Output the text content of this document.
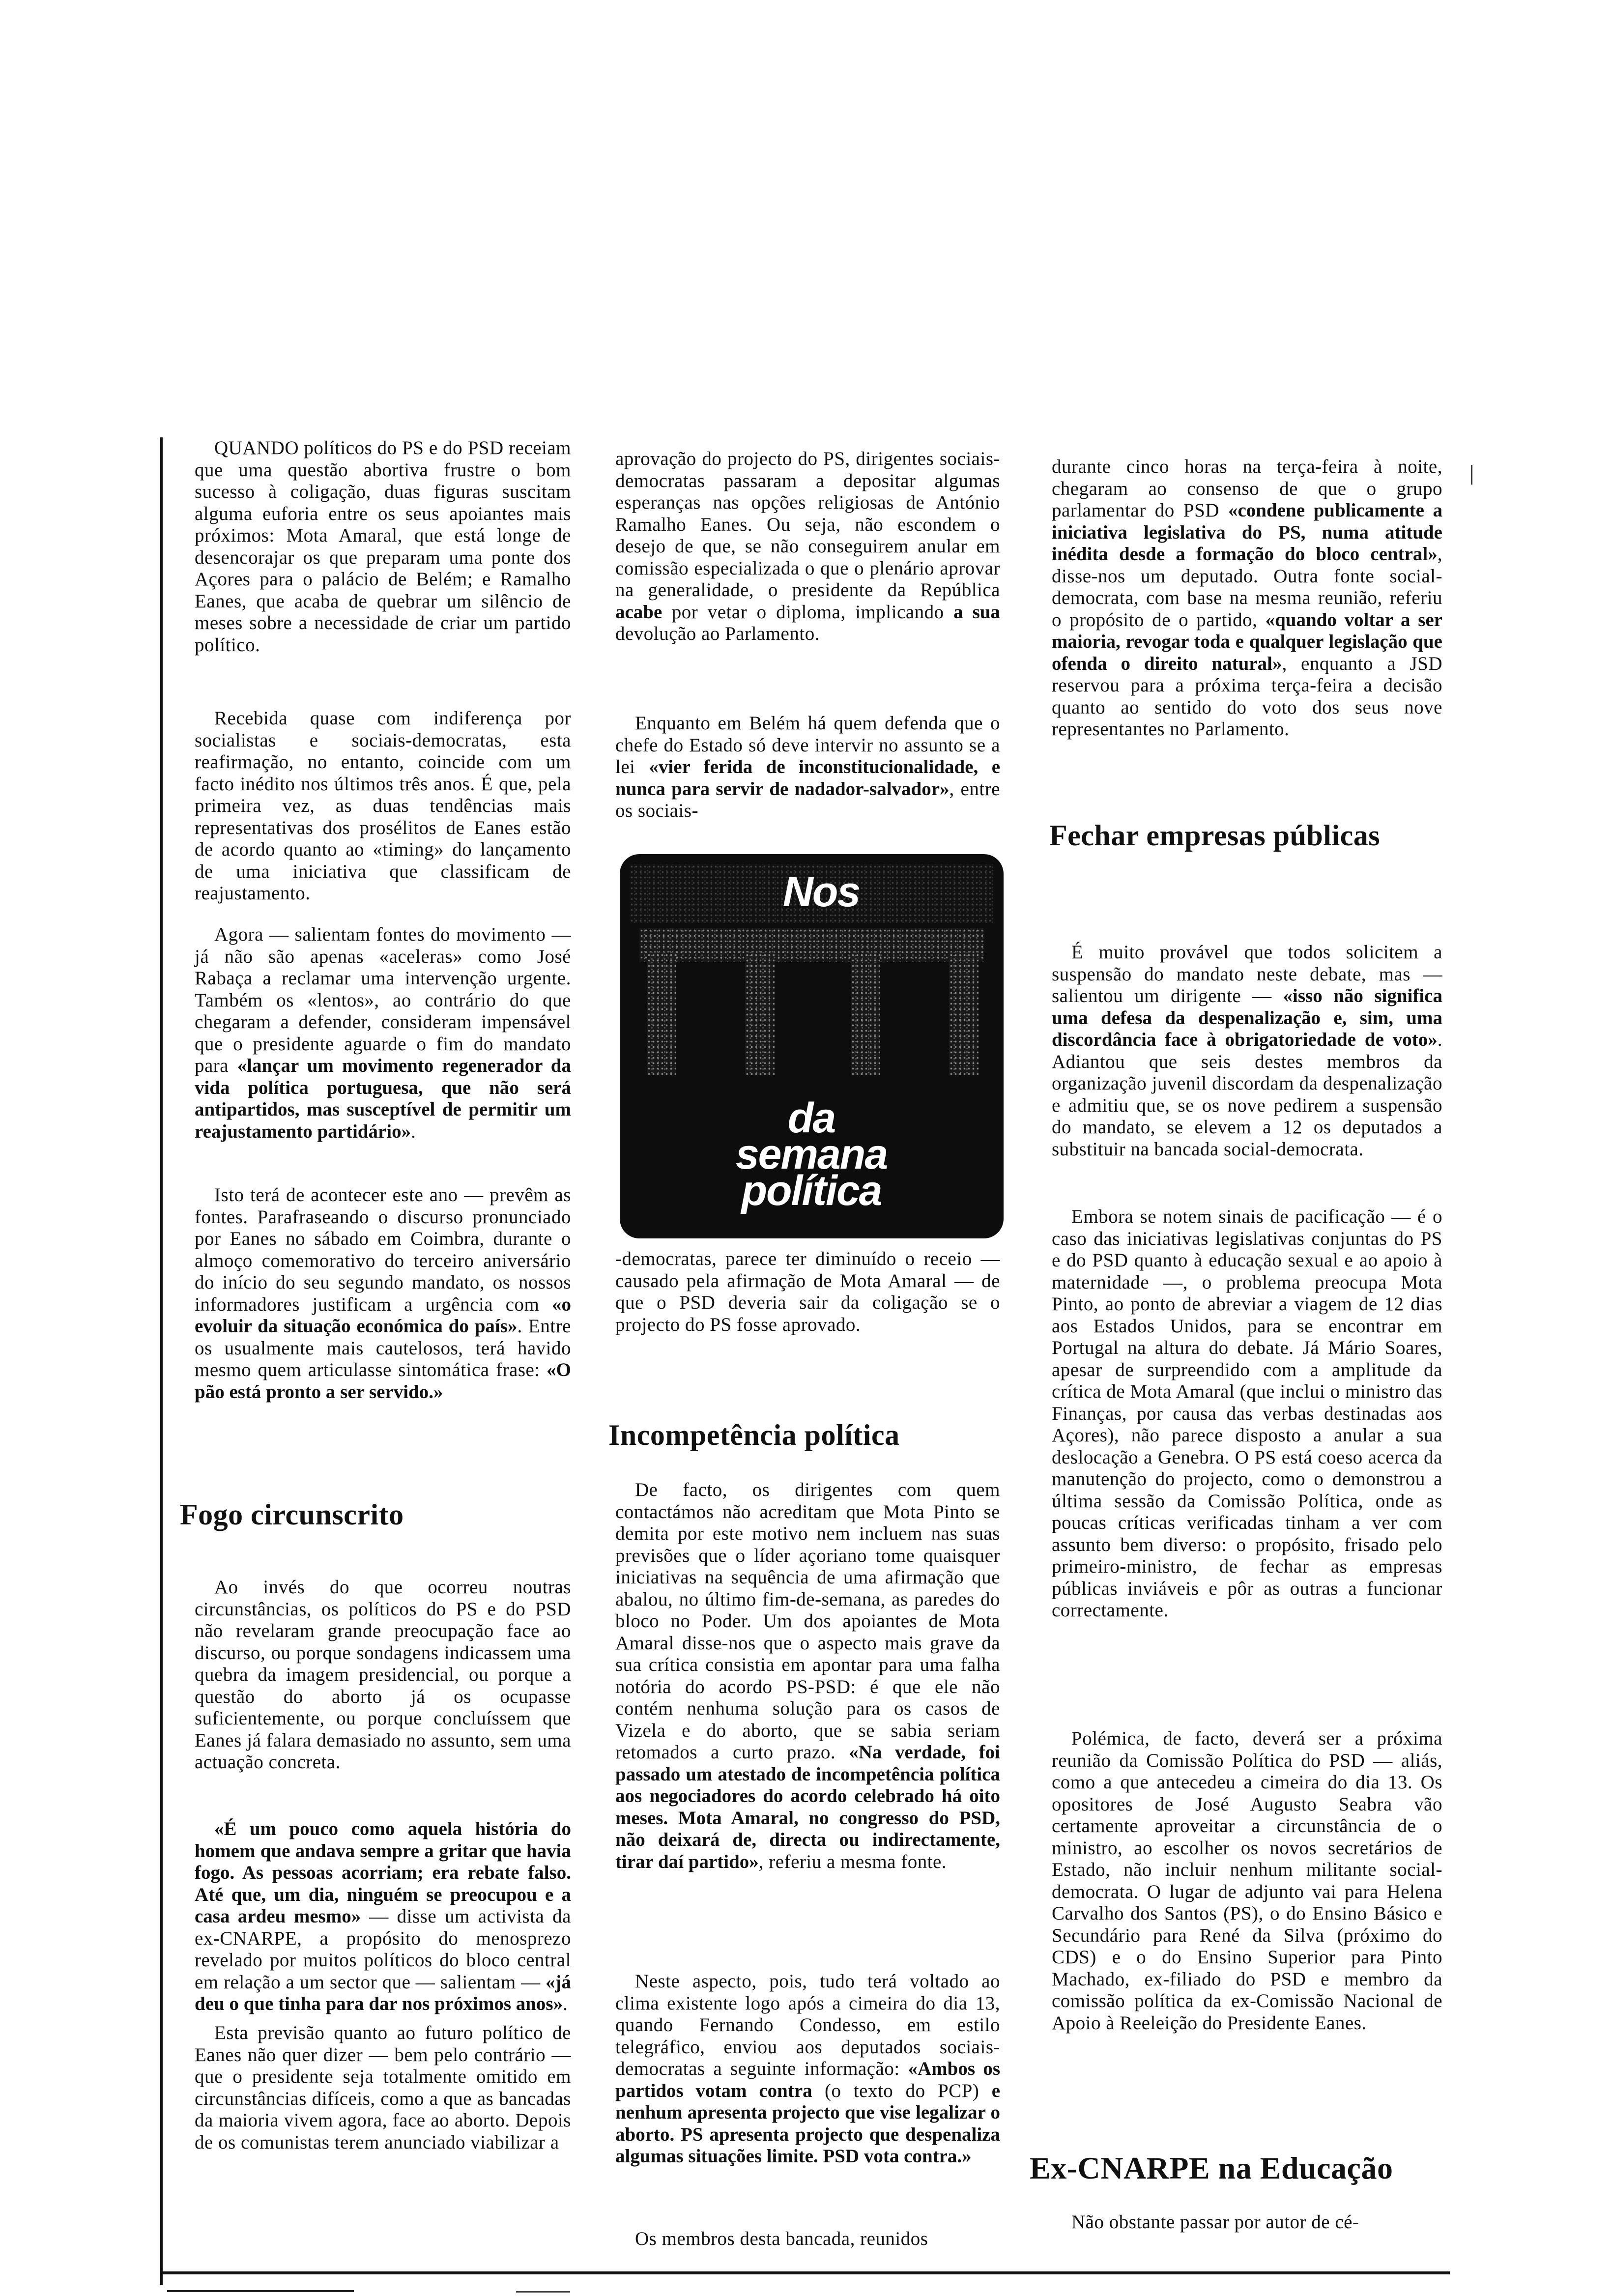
QUANDO políticos do PS e do PSD receiam que uma questão abortiva frustre o bom sucesso à coligação, duas figuras suscitam alguma euforia entre os seus apoiantes mais próximos: Mota Amaral, que está longe de desencorajar os que preparam uma ponte dos Açores para o palácio de Belém; e Ramalho Eanes, que acaba de quebrar um silêncio de meses sobre a necessidade de criar um partido político.

Recebida quase com indiferença por socialistas e sociais-democratas, esta reafirmação, no entanto, coincide com um facto inédito nos últimos três anos. É que, pela primeira vez, as duas tendências mais representativas dos prosélitos de Eanes estão de acordo quanto ao «timing» do lançamento de uma iniciativa que classificam de reajustamento.

Agora — salientam fontes do movimento — já não são apenas «aceleras» como José Rabaça a reclamar uma intervenção urgente. Também os «lentos», ao contrário do que chegaram a defender, consideram impensável que o presidente aguarde o fim do mandato para «lançar um movimento regenerador da vida política portuguesa, que não será antipartidos, mas susceptível de permitir um reajustamento partidário».

Isto terá de acontecer este ano — prevêm as fontes. Parafraseando o discurso pronunciado por Eanes no sábado em Coimbra, durante o almoço comemorativo do terceiro aniversário do início do seu segundo mandato, os nossos informadores justificam a urgência com «o evoluir da situação económica do país». Entre os usualmente mais cautelosos, terá havido mesmo quem articulasse sintomática frase: «O pão está pronto a ser servido.»

Fogo circunscrito

Ao invés do que ocorreu noutras circunstâncias, os políticos do PS e do PSD não revelaram grande preocupação face ao discurso, ou porque sondagens indicassem uma quebra da imagem presidencial, ou porque a questão do aborto já os ocupasse suficientemente, ou porque concluíssem que Eanes já falara demasiado no assunto, sem uma actuação concreta.

«É um pouco como aquela história do homem que andava sempre a gritar que havia fogo. As pessoas acorriam; era rebate falso. Até que, um dia, ninguém se preocupou e a casa ardeu mesmo» — disse um activista da ex-CNARPE, a propósito do menosprezo revelado por muitos políticos do bloco central em relação a um sector que — salientam — «já deu o que tinha para dar nos próximos anos».

Esta previsão quanto ao futuro político de Eanes não quer dizer — bem pelo contrário — que o presidente seja totalmente omitido em circunstâncias difíceis, como a que as bancadas da maioria vivem agora, face ao aborto. Depois de os comunistas terem anunciado viabilizar a

aprovação do projecto do PS, dirigentes sociais-democratas passaram a depositar algumas esperanças nas opções religiosas de António Ramalho Eanes. Ou seja, não escondem o desejo de que, se não conseguirem anular em comissão especializada o que o plenário aprovar na generalidade, o presidente da República acabe por vetar o diploma, implicando a sua devolução ao Parlamento.

Enquanto em Belém há quem defenda que o chefe do Estado só deve intervir no assunto se a lei «vier ferida de inconstitucionalidade, e nunca para servir de nadador-salvador», entre os sociais-

Nos
da
semana
política

-democratas, parece ter diminuído o receio — causado pela afirmação de Mota Amaral — de que o PSD deveria sair da coligação se o projecto do PS fosse aprovado.

Incompetência política

De facto, os dirigentes com quem contactámos não acreditam que Mota Pinto se demita por este motivo nem incluem nas suas previsões que o líder açoriano tome quaisquer iniciativas na sequência de uma afirmação que abalou, no último fim-de-semana, as paredes do bloco no Poder. Um dos apoiantes de Mota Amaral disse-nos que o aspecto mais grave da sua crítica consistia em apontar para uma falha notória do acordo PS-PSD: é que ele não contém nenhuma solução para os casos de Vizela e do aborto, que se sabia seriam retomados a curto prazo. «Na verdade, foi passado um atestado de incompetência política aos negociadores do acordo celebrado há oito meses. Mota Amaral, no congresso do PSD, não deixará de, directa ou indirectamente, tirar daí partido», referiu a mesma fonte.

Neste aspecto, pois, tudo terá voltado ao clima existente logo após a cimeira do dia 13, quando Fernando Condesso, em estilo telegráfico, enviou aos deputados sociais-democratas a seguinte informação: «Ambos os partidos votam contra (o texto do PCP) e nenhum apresenta projecto que vise legalizar o aborto. PS apresenta projecto que despenaliza algumas situações limite. PSD vota contra.»

Os membros desta bancada, reunidos

durante cinco horas na terça-feira à noite, chegaram ao consenso de que o grupo parlamentar do PSD «condene publicamente a iniciativa legislativa do PS, numa atitude inédita desde a formação do bloco central», disse-nos um deputado. Outra fonte social-democrata, com base na mesma reunião, referiu o propósito de o partido, «quando voltar a ser maioria, revogar toda e qualquer legislação que ofenda o direito natural», enquanto a JSD reservou para a próxima terça-feira a decisão quanto ao sentido do voto dos seus nove representantes no Parlamento.

Fechar empresas públicas

É muito provável que todos solicitem a suspensão do mandato neste debate, mas — salientou um dirigente — «isso não significa uma defesa da despenalização e, sim, uma discordância face à obrigatoriedade de voto». Adiantou que seis destes membros da organização juvenil discordam da despenalização e admitiu que, se os nove pedirem a suspensão do mandato, se elevem a 12 os deputados a substituir na bancada social-democrata.

Embora se notem sinais de pacificação — é o caso das iniciativas legislativas conjuntas do PS e do PSD quanto à educação sexual e ao apoio à maternidade —, o problema preocupa Mota Pinto, ao ponto de abreviar a viagem de 12 dias aos Estados Unidos, para se encontrar em Portugal na altura do debate. Já Mário Soares, apesar de surpreendido com a amplitude da crítica de Mota Amaral (que inclui o ministro das Finanças, por causa das verbas destinadas aos Açores), não parece disposto a anular a sua deslocação a Genebra. O PS está coeso acerca da manutenção do projecto, como o demonstrou a última sessão da Comissão Política, onde as poucas críticas verificadas tinham a ver com assunto bem diverso: o propósito, frisado pelo primeiro-ministro, de fechar as empresas públicas inviáveis e pôr as outras a funcionar correctamente.

Polémica, de facto, deverá ser a próxima reunião da Comissão Política do PSD — aliás, como a que antecedeu a cimeira do dia 13. Os opositores de José Augusto Seabra vão certamente aproveitar a circunstância de o ministro, ao escolher os novos secretários de Estado, não incluir nenhum militante social-democrata. O lugar de adjunto vai para Helena Carvalho dos Santos (PS), o do Ensino Básico e Secundário para René da Silva (próximo do CDS) e o do Ensino Superior para Pinto Machado, ex-filiado do PSD e membro da comissão política da ex-Comissão Nacional de Apoio à Reeleição do Presidente Eanes.

Ex-CNARPE na Educação

Não obstante passar por autor de cé-
